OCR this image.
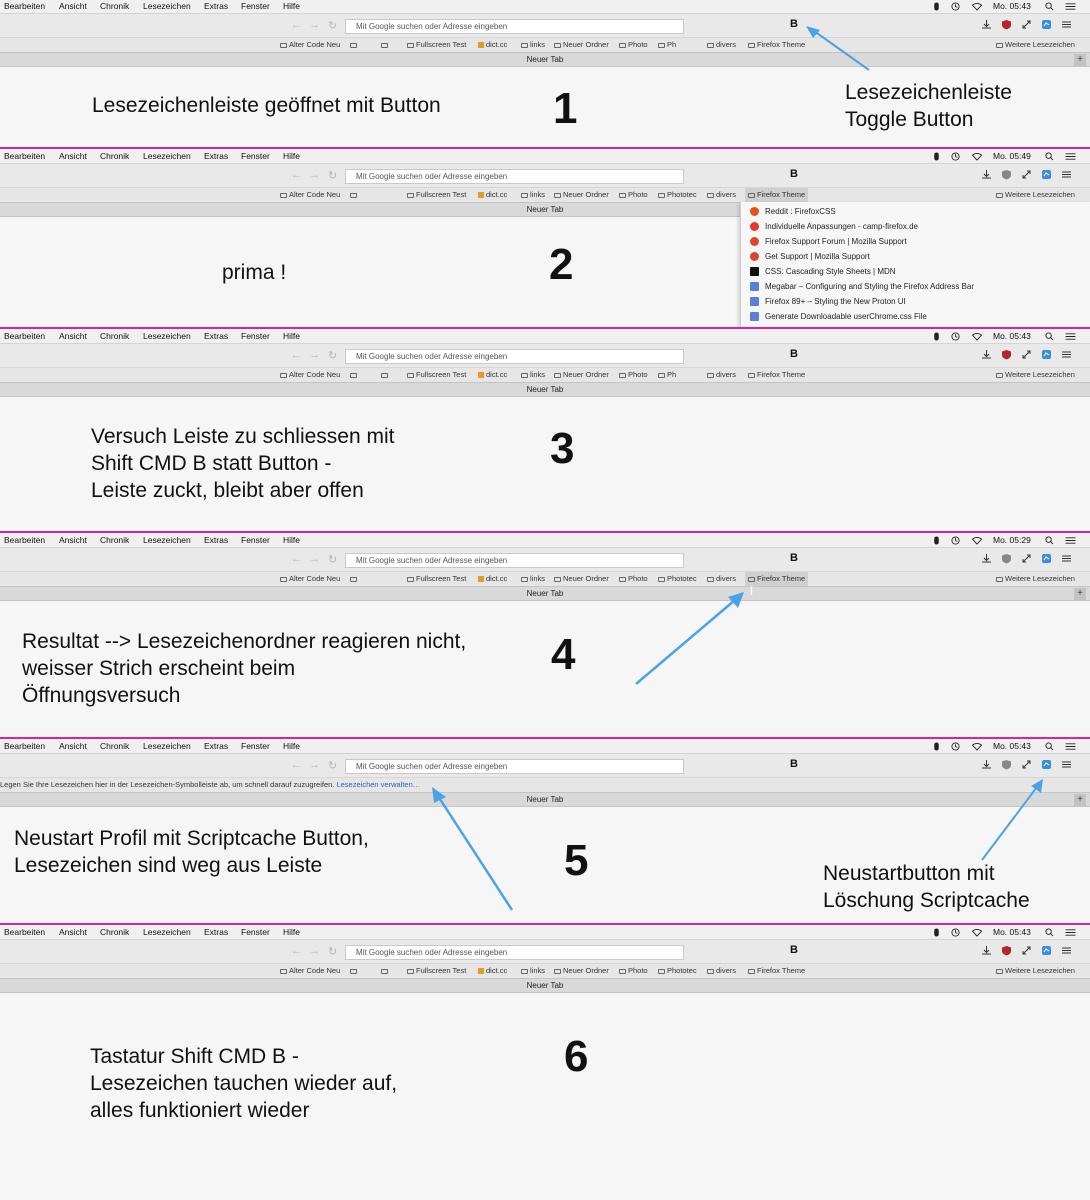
Bearbeiten Ansicht Chronik Lesezeichen Extras Fenster Hilfe	Mo. 05:43
← → ↻	Mit Google suchen oder Adresse eingeben	B
Alter Code Neu	Fullscreen Test	dict.cc	links	Neuer Ordner	Photo	Ph	divers	Firefox Theme	Weitere Lesezeichen
Neuer Tab	+
Lesezeichenleiste geöffnet mit Button	1	Lesezeichenleiste
Toggle Button
Bearbeiten Ansicht Chronik Lesezeichen Extras Fenster Hilfe	Mo. 05:49
← → ↻	Mit Google suchen oder Adresse eingeben	B
Alter Code Neu	Fullscreen Test	dict.cc	links	Neuer Ordner	Photo	Phototec	divers	Firefox Theme	Weitere Lesezeichen
Neuer Tab	Reddit : FirefoxCSS
Individuelle Anpassungen - camp-firefox.de
Firefox Support Forum | Mozilla Support
Get Support | Mozilla Support
CSS: Cascading Style Sheets | MDN
Megabar – Configuring and Styling the Firefox Address Bar
Firefox 89+ – Styling the New Proton UI
Generate Downloadable userChrome.css File
prima !	2
Bearbeiten Ansicht Chronik Lesezeichen Extras Fenster Hilfe	Mo. 05:43
← → ↻	Mit Google suchen oder Adresse eingeben	B
Alter Code Neu	Fullscreen Test	dict.cc	links	Neuer Ordner	Photo	Ph	divers	Firefox Theme	Weitere Lesezeichen
Neuer Tab
Versuch Leiste zu schliessen mit
Shift CMD B statt Button -
Leiste zuckt, bleibt aber offen
3
Bearbeiten Ansicht Chronik Lesezeichen Extras Fenster Hilfe	Mo. 05:29
← → ↻	Mit Google suchen oder Adresse eingeben	B
Alter Code Neu	Fullscreen Test	dict.cc	links	Neuer Ordner	Photo	Phototec	divers	Firefox Theme	Weitere Lesezeichen
Neuer Tab	+
Resultat --> Lesezeichenordner reagieren nicht,
weisser Strich erscheint beim
Öffnungsversuch
4
Bearbeiten Ansicht Chronik Lesezeichen Extras Fenster Hilfe	Mo. 05:43
← → ↻	Mit Google suchen oder Adresse eingeben	B
Legen Sie Ihre Lesezeichen hier in der Lesezeichen-Symbolleiste ab, um schnell darauf zuzugreifen. Lesezeichen verwalten…
Neuer Tab	+
Neustart Profil mit Scriptcache Button,
Lesezeichen sind weg aus Leiste	5	Neustartbutton mit
Löschung Scriptcache
Bearbeiten Ansicht Chronik Lesezeichen Extras Fenster Hilfe	Mo. 05:43
← → ↻	Mit Google suchen oder Adresse eingeben	B
Alter Code Neu	Fullscreen Test	dict.cc	links	Neuer Ordner	Photo	Phototec	divers	Firefox Theme	Weitere Lesezeichen
Neuer Tab
Tastatur Shift CMD B -
Lesezeichen tauchen wieder auf,
alles funktioniert wieder
6
